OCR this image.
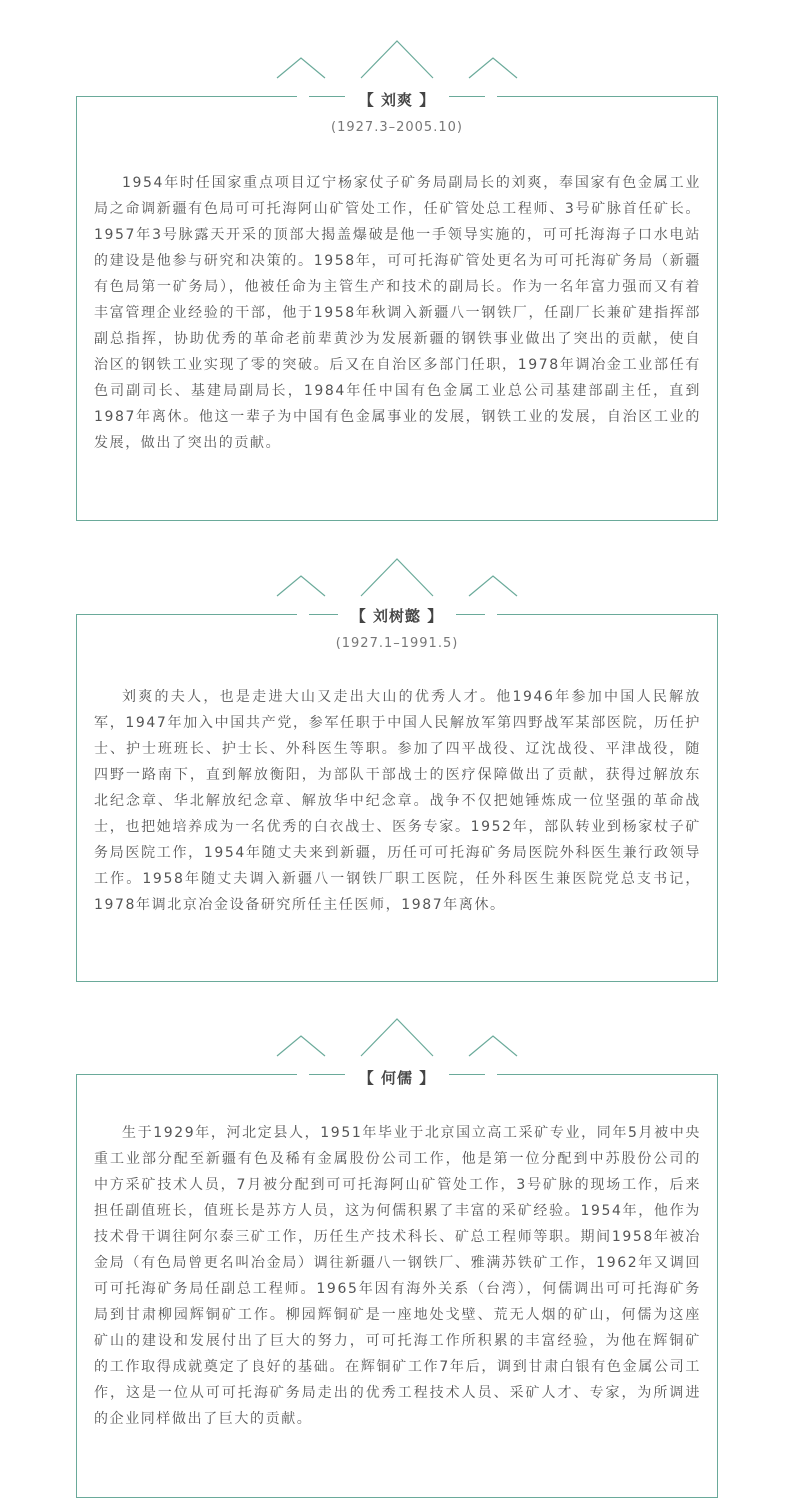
【 刘爽 】
(1927.3–2005.10)

1954年时任国家重点项目辽宁杨家仗子矿务局副局长的刘爽，奉国家有色金属工业局之命调新疆有色局可可托海阿山矿管处工作，任矿管处总工程师、3号矿脉首任矿长。1957年3号脉露天开采的顶部大揭盖爆破是他一手领导实施的，可可托海海子口水电站的建设是他参与研究和决策的。1958年，可可托海矿管处更名为可可托海矿务局（新疆有色局第一矿务局），他被任命为主管生产和技术的副局长。作为一名年富力强而又有着丰富管理企业经验的干部，他于1958年秋调入新疆八一钢铁厂，任副厂长兼矿建指挥部副总指挥，协助优秀的革命老前辈黄沙为发展新疆的钢铁事业做出了突出的贡献，使自治区的钢铁工业实现了零的突破。后又在自治区多部门任职，1978年调冶金工业部任有色司副司长、基建局副局长，1984年任中国有色金属工业总公司基建部副主任，直到1987年离休。他这一辈子为中国有色金属事业的发展，钢铁工业的发展，自治区工业的发展，做出了突出的贡献。

【 刘树懿 】
(1927.1–1991.5)

刘爽的夫人，也是走进大山又走出大山的优秀人才。他1946年参加中国人民解放军，1947年加入中国共产党，参军任职于中国人民解放军第四野战军某部医院，历任护士、护士班班长、护士长、外科医生等职。参加了四平战役、辽沈战役、平津战役，随四野一路南下，直到解放衡阳，为部队干部战士的医疗保障做出了贡献，获得过解放东北纪念章、华北解放纪念章、解放华中纪念章。战争不仅把她锤炼成一位坚强的革命战士，也把她培养成为一名优秀的白衣战士、医务专家。1952年，部队转业到杨家杖子矿务局医院工作，1954年随丈夫来到新疆，历任可可托海矿务局医院外科医生兼行政领导工作。1958年随丈夫调入新疆八一钢铁厂职工医院，任外科医生兼医院党总支书记，1978年调北京冶金设备研究所任主任医师，1987年离休。

【 何儒 】

生于1929年，河北定县人，1951年毕业于北京国立高工采矿专业，同年5月被中央重工业部分配至新疆有色及稀有金属股份公司工作，他是第一位分配到中苏股份公司的中方采矿技术人员，7月被分配到可可托海阿山矿管处工作，3号矿脉的现场工作，后来担任副值班长，值班长是苏方人员，这为何儒积累了丰富的采矿经验。1954年，他作为技术骨干调往阿尔泰三矿工作，历任生产技术科长、矿总工程师等职。期间1958年被冶金局（有色局曾更名叫冶金局）调往新疆八一钢铁厂、雅满苏铁矿工作，1962年又调回可可托海矿务局任副总工程师。1965年因有海外关系（台湾），何儒调出可可托海矿务局到甘肃柳园辉铜矿工作。柳园辉铜矿是一座地处戈壁、荒无人烟的矿山，何儒为这座矿山的建设和发展付出了巨大的努力，可可托海工作所积累的丰富经验，为他在辉铜矿的工作取得成就奠定了良好的基础。在辉铜矿工作7年后，调到甘肃白银有色金属公司工作，这是一位从可可托海矿务局走出的优秀工程技术人员、采矿人才、专家，为所调进的企业同样做出了巨大的贡献。
